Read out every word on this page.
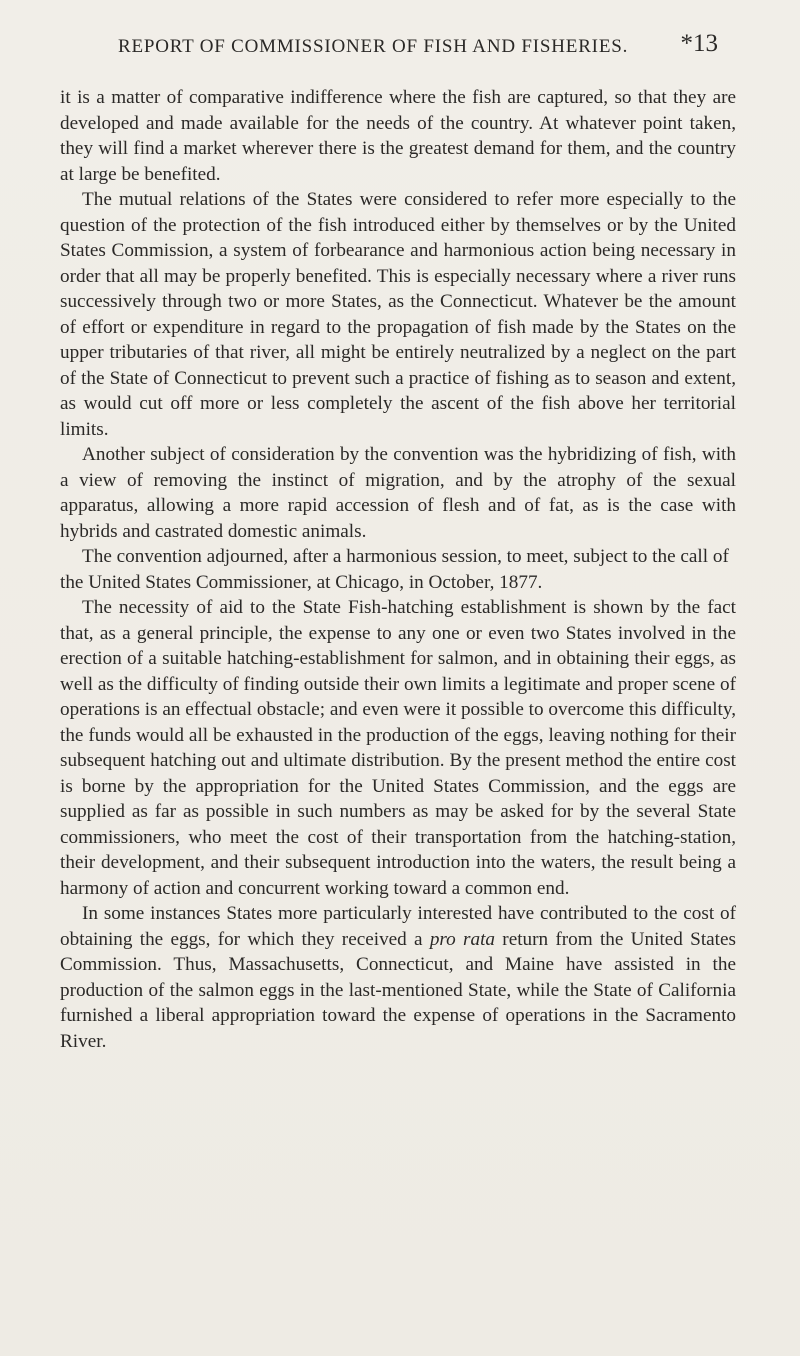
REPORT OF COMMISSIONER OF FISH AND FISHERIES. *13

it is a matter of comparative indifference where the fish are captured, so that they are developed and made available for the needs of the country. At whatever point taken, they will find a market wherever there is the greatest demand for them, and the country at large be benefited.

The mutual relations of the States were considered to refer more especially to the question of the protection of the fish introduced either by themselves or by the United States Commission, a system of forbearance and harmonious action being necessary in order that all may be properly benefited. This is especially necessary where a river runs successively through two or more States, as the Connecticut. Whatever be the amount of effort or expenditure in regard to the propagation of fish made by the States on the upper tributaries of that river, all might be entirely neutralized by a neglect on the part of the State of Connecticut to prevent such a practice of fishing as to season and extent, as would cut off more or less completely the ascent of the fish above her territorial limits.

Another subject of consideration by the convention was the hybridizing of fish, with a view of removing the instinct of migration, and by the atrophy of the sexual apparatus, allowing a more rapid accession of flesh and of fat, as is the case with hybrids and castrated domestic animals.

The convention adjourned, after a harmonious session, to meet, subject to the call of the United States Commissioner, at Chicago, in October, 1877.

The necessity of aid to the State Fish-hatching establishment is shown by the fact that, as a general principle, the expense to any one or even two States involved in the erection of a suitable hatching-establishment for salmon, and in obtaining their eggs, as well as the difficulty of finding outside their own limits a legitimate and proper scene of operations is an effectual obstacle; and even were it possible to overcome this difficulty, the funds would all be exhausted in the production of the eggs, leaving nothing for their subsequent hatching out and ultimate distribution. By the present method the entire cost is borne by the appropriation for the United States Commission, and the eggs are supplied as far as possible in such numbers as may be asked for by the several State commissioners, who meet the cost of their transportation from the hatching-station, their development, and their subsequent introduction into the waters, the result being a harmony of action and concurrent working toward a common end.

In some instances States more particularly interested have contributed to the cost of obtaining the eggs, for which they received a pro rata return from the United States Commission. Thus, Massachusetts, Connecticut, and Maine have assisted in the production of the salmon eggs in the last-mentioned State, while the State of California furnished a liberal appropriation toward the expense of operations in the Sacramento River.
